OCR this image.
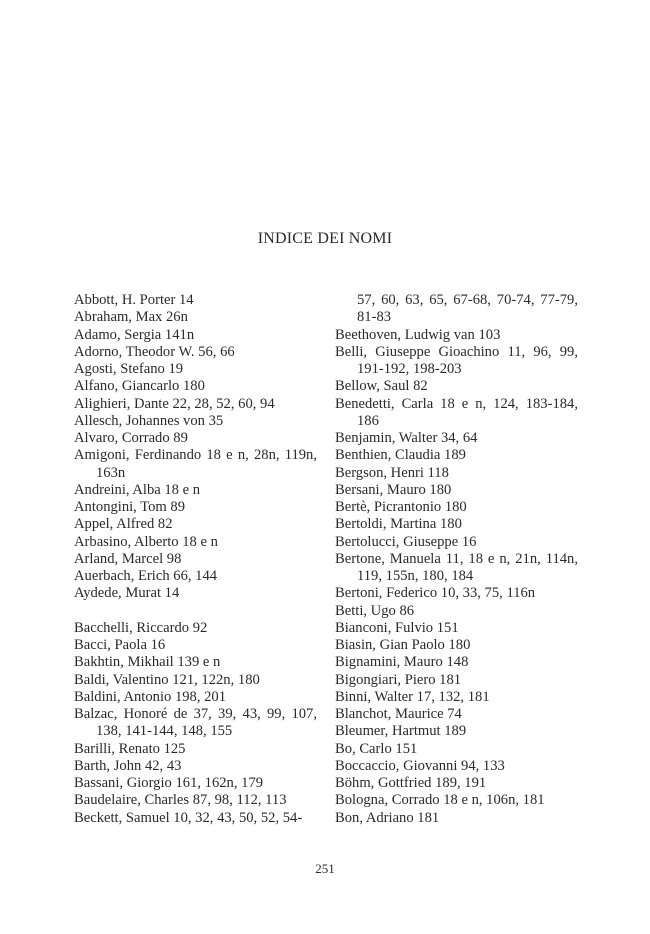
INDICE DEI NOMI
Abbott, H. Porter 14
Abraham, Max 26n
Adamo, Sergia 141n
Adorno, Theodor W. 56, 66
Agosti, Stefano 19
Alfano, Giancarlo 180
Alighieri, Dante 22, 28, 52, 60, 94
Allesch, Johannes von 35
Alvaro, Corrado 89
Amigoni, Ferdinando 18 e n, 28n, 119n, 163n
Andreini, Alba 18 e n
Antongini, Tom 89
Appel, Alfred 82
Arbasino, Alberto 18 e n
Arland, Marcel 98
Auerbach, Erich 66, 144
Aydede, Murat 14
Bacchelli, Riccardo 92
Bacci, Paola 16
Bakhtin, Mikhail 139 e n
Baldi, Valentino 121, 122n, 180
Baldini, Antonio 198, 201
Balzac, Honoré de 37, 39, 43, 99, 107, 138, 141-144, 148, 155
Barilli, Renato 125
Barth, John 42, 43
Bassani, Giorgio 161, 162n, 179
Baudelaire, Charles 87, 98, 112, 113
Beckett, Samuel 10, 32, 43, 50, 52, 54-
57, 60, 63, 65, 67-68, 70-74, 77-79, 81-83
Beethoven, Ludwig van 103
Belli, Giuseppe Gioachino 11, 96, 99, 191-192, 198-203
Bellow, Saul 82
Benedetti, Carla 18 e n, 124, 183-184, 186
Benjamin, Walter 34, 64
Benthien, Claudia 189
Bergson, Henri 118
Bersani, Mauro 180
Bertè, Picrantonio 180
Bertoldi, Martina 180
Bertolucci, Giuseppe 16
Bertone, Manuela 11, 18 e n, 21n, 114n, 119, 155n, 180, 184
Bertoni, Federico 10, 33, 75, 116n
Betti, Ugo 86
Bianconi, Fulvio 151
Biasin, Gian Paolo 180
Bignamini, Mauro 148
Bigongiari, Piero 181
Binni, Walter 17, 132, 181
Blanchot, Maurice 74
Bleumer, Hartmut 189
Bo, Carlo 151
Boccaccio, Giovanni 94, 133
Böhm, Gottfried 189, 191
Bologna, Corrado 18 e n, 106n, 181
Bon, Adriano 181
251
